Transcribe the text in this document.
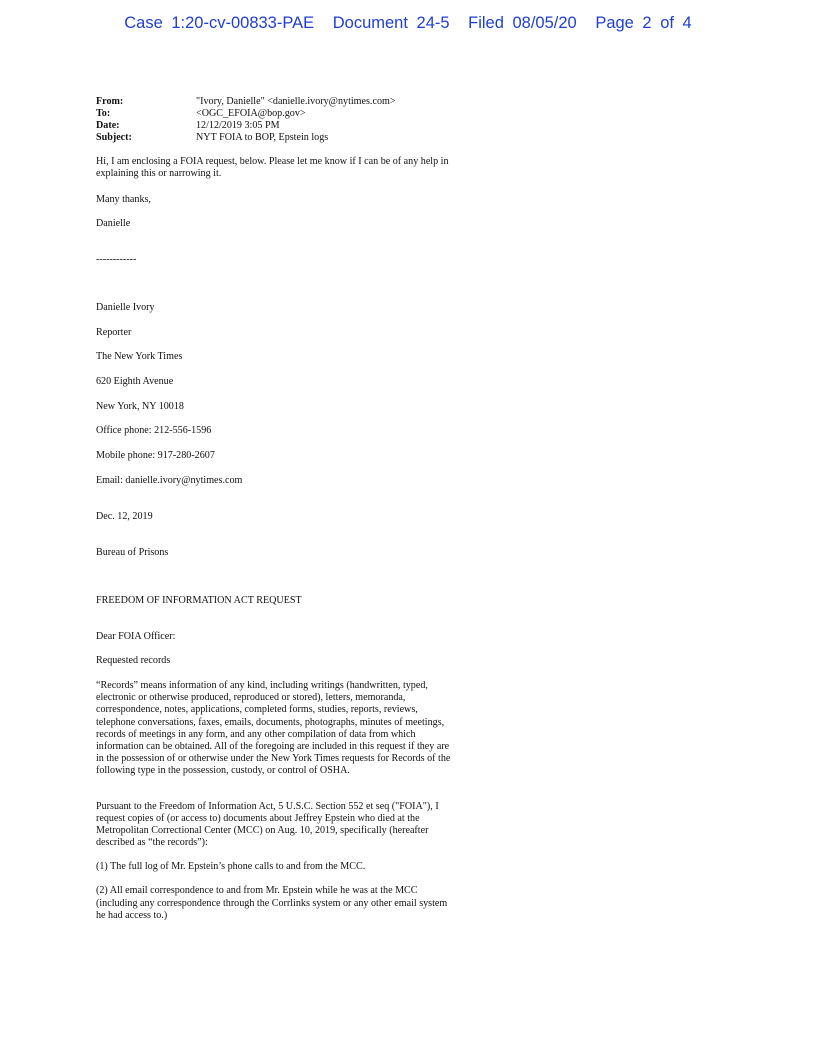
Case 1:20-cv-00833-PAE Document 24-5 Filed 08/05/20 Page 2 of 4
From:	"Ivory, Danielle" <danielle.ivory@nytimes.com>
To:	<OGC_EFOIA@bop.gov>
Date:	12/12/2019 3:05 PM
Subject:	NYT FOIA to BOP, Epstein logs

Hi, I am enclosing a FOIA request, below. Please let me know if I can be of any help in explaining this or narrowing it.

Many thanks,

Danielle

------------

Danielle Ivory

Reporter

The New York Times

620 Eighth Avenue

New York, NY 10018

Office phone: 212-556-1596

Mobile phone: 917-280-2607

Email: danielle.ivory@nytimes.com

Dec. 12, 2019

Bureau of Prisons

FREEDOM OF INFORMATION ACT REQUEST

Dear FOIA Officer:

Requested records

“Records” means information of any kind, including writings (handwritten, typed, electronic or otherwise produced, reproduced or stored), letters, memoranda, correspondence, notes, applications, completed forms, studies, reports, reviews, telephone conversations, faxes, emails, documents, photographs, minutes of meetings, records of meetings in any form, and any other compilation of data from which information can be obtained. All of the foregoing are included in this request if they are in the possession of or otherwise under the New York Times requests for Records of the following type in the possession, custody, or control of OSHA.

Pursuant to the Freedom of Information Act, 5 U.S.C. Section 552 et seq ("FOIA"), I request copies of (or access to) documents about Jeffrey Epstein who died at the Metropolitan Correctional Center (MCC) on Aug. 10, 2019, specifically (hereafter described as “the records”):

(1) The full log of Mr. Epstein’s phone calls to and from the MCC.

(2) All email correspondence to and from Mr. Epstein while he was at the MCC (including any correspondence through the Corrlinks system or any other email system he had access to.)
